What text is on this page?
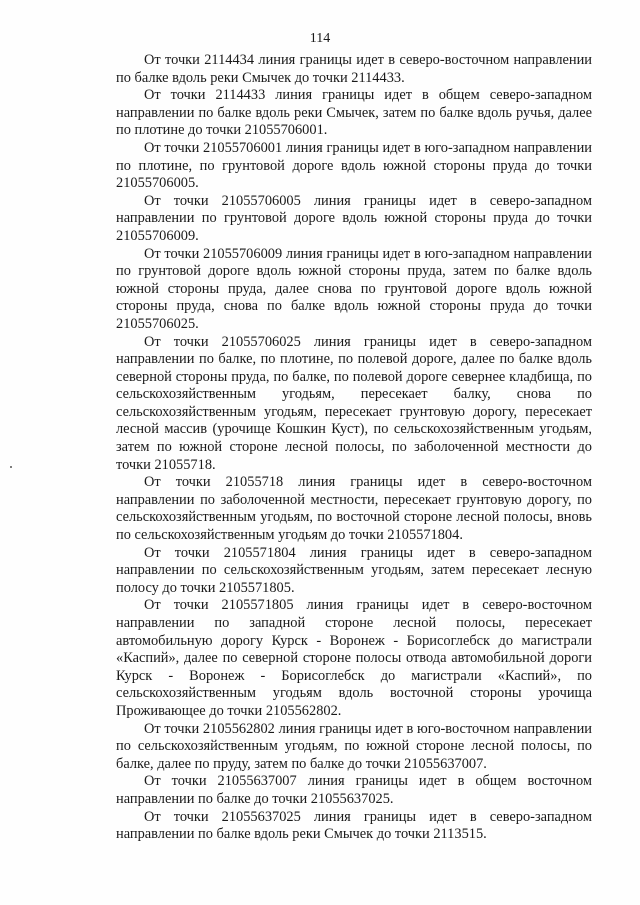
114

От точки 2114434 линия границы идет в северо-восточном направлении по балке вдоль реки Смычек до точки 2114433.

От точки 2114433 линия границы идет в общем северо-западном направлении по балке вдоль реки Смычек, затем по балке вдоль ручья, далее по плотине до точки 21055706001.

От точки 21055706001 линия границы идет в юго-западном направлении по плотине, по грунтовой дороге вдоль южной стороны пруда до точки 21055706005.

От точки 21055706005 линия границы идет в северо-западном направлении по грунтовой дороге вдоль южной стороны пруда до точки 21055706009.

От точки 21055706009 линия границы идет в юго-западном направлении по грунтовой дороге вдоль южной стороны пруда, затем по балке вдоль южной стороны пруда, далее снова по грунтовой дороге вдоль южной стороны пруда, снова по балке вдоль южной стороны пруда до точки 21055706025.

От точки 21055706025 линия границы идет в северо-западном направлении по балке, по плотине, по полевой дороге, далее по балке вдоль северной стороны пруда, по балке, по полевой дороге севернее кладбища, по сельскохозяйственным угодьям, пересекает балку, снова по сельскохозяйственным угодьям, пересекает грунтовую дорогу, пересекает лесной массив (урочище Кошкин Куст), по сельскохозяйственным угодьям, затем по южной стороне лесной полосы, по заболоченной местности до точки 21055718.

От точки 21055718 линия границы идет в северо-восточном направлении по заболоченной местности, пересекает грунтовую дорогу, по сельскохозяйственным угодьям, по восточной стороне лесной полосы, вновь по сельскохозяйственным угодьям до точки 2105571804.

От точки 2105571804 линия границы идет в северо-западном направлении по сельскохозяйственным угодьям, затем пересекает лесную полосу до точки 2105571805.

От точки 2105571805 линия границы идет в северо-восточном направлении по западной стороне лесной полосы, пересекает автомобильную дорогу Курск - Воронеж - Борисоглебск до магистрали «Каспий», далее по северной стороне полосы отвода автомобильной дороги Курск - Воронеж - Борисоглебск до магистрали «Каспий», по сельскохозяйственным угодьям вдоль восточной стороны урочища Проживающее до точки 2105562802.

От точки 2105562802 линия границы идет в юго-восточном направлении по сельскохозяйственным угодьям, по южной стороне лесной полосы, по балке, далее по пруду, затем по балке до точки 21055637007.

От точки 21055637007 линия границы идет в общем восточном направлении по балке до точки 21055637025.

От точки 21055637025 линия границы идет в северо-западном направлении по балке вдоль реки Смычек до точки 2113515.
